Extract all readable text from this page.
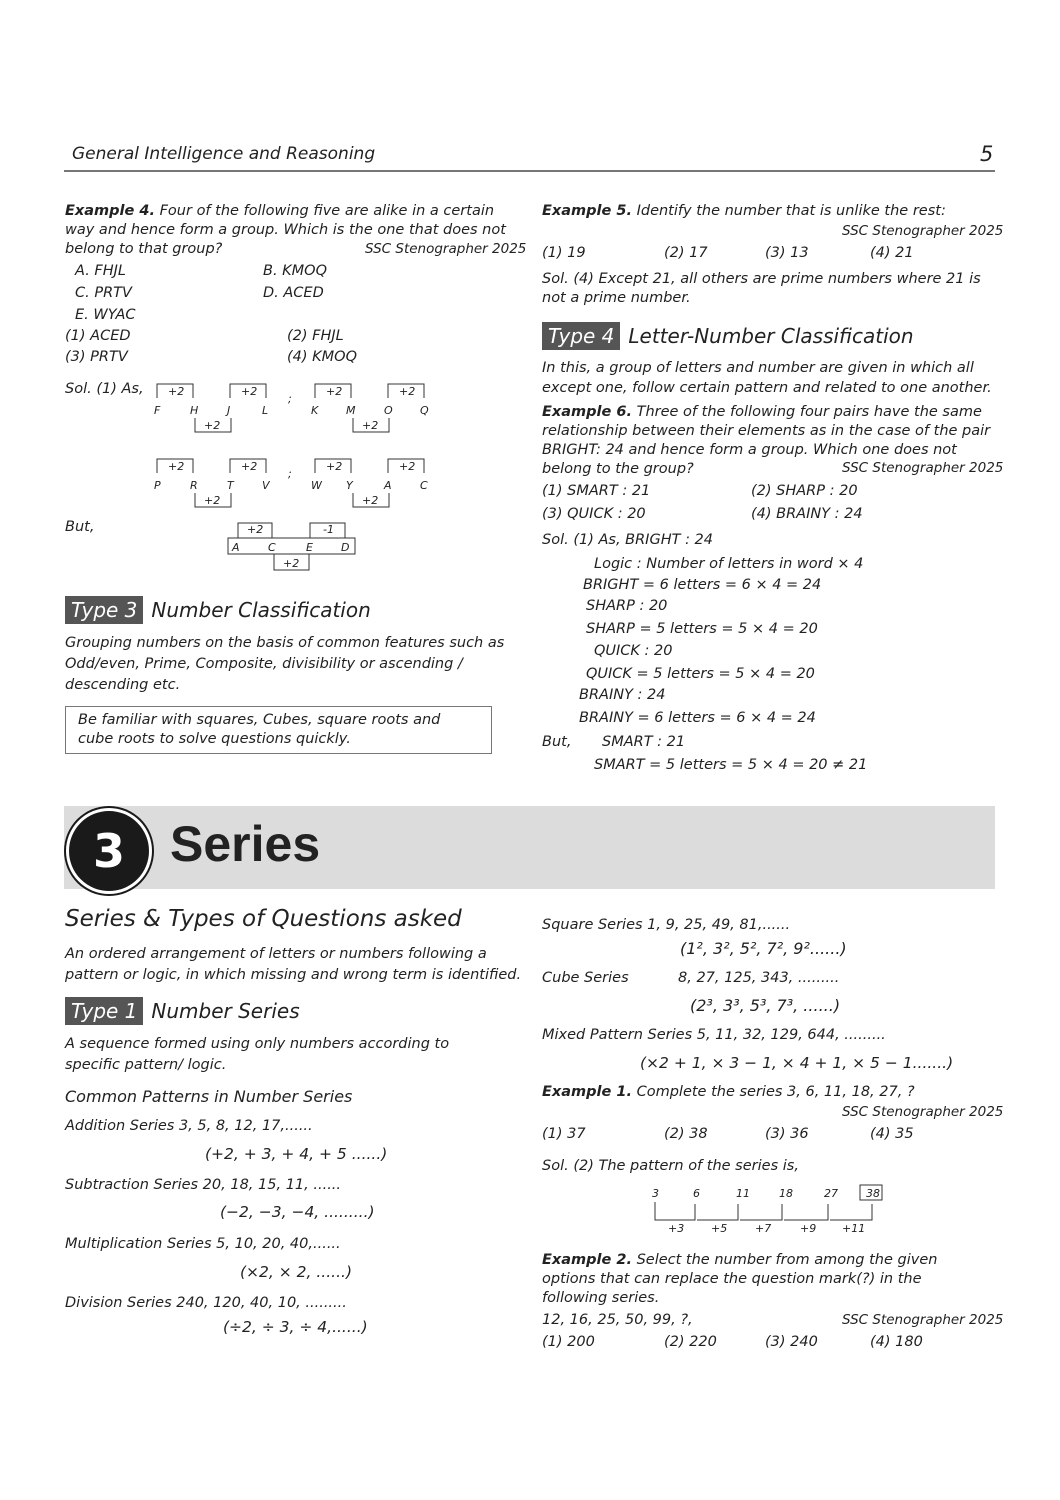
General Intelligence and Reasoning	5
Example 4. Four of the following five are alike in a certain way and hence form a group. Which is the one that does not belong to that group?	SSC Stenographer 2025
A. FHJL	B. KMOQ
C. PRTV	D. ACED
E. WYAC
(1) ACED	(2) FHJL
(3) PRTV	(4) KMOQ
Sol. (1) As, +2	+2
+2
F	H	J	L
;
+2	+2
+2
K	M	O Q
+2	+2
+2
P	R	T	V
;
+2	+2
+2
W Y	A	C
But,	+2	-1
+2
A	C	E	D
Type 3 Number Classification
Grouping numbers on the basis of common features such as Odd/even, Prime, Composite, divisibility or ascending / descending etc.
Be familiar with squares, Cubes, square roots and cube roots to solve questions quickly.
Example 5. Identify the number that is unlike the rest:
SSC Stenographer 2025
(1) 19	(2) 17	(3) 13	(4) 21
Sol. (4) Except 21, all others are prime numbers where 21 is not a prime number.
Type 4 Letter-Number Classification
In this, a group of letters and number are given in which all except one, follow certain pattern and related to one another.
Example 6. Three of the following four pairs have the same relationship between their elements as in the case of the pair BRIGHT: 24 and hence form a group. Which one does not belong to the group?	SSC Stenographer 2025
(1) SMART : 21	(2) SHARP : 20
(3) QUICK : 20	(4) BRAINY : 24
Sol. (1) As, BRIGHT : 24
Logic : Number of letters in word × 4
BRIGHT = 6 letters = 6 × 4 = 24
SHARP : 20
SHARP = 5 letters = 5 × 4 = 20
QUICK : 20
QUICK = 5 letters = 5 × 4 = 20
BRAINY : 24
BRAINY = 6 letters = 6 × 4 = 24
But, SMART : 21
SMART = 5 letters = 5 × 4 = 20 ≠ 21
3 Series
Series & Types of Questions asked
An ordered arrangement of letters or numbers following a pattern or logic, in which missing and wrong term is identified.
Type 1 Number Series
A sequence formed using only numbers according to specific pattern/ logic.
Common Patterns in Number Series
Addition Series 3, 5, 8, 12, 17,......
(+2, + 3, + 4, + 5 ......)
Subtraction Series 20, 18, 15, 11, ......
(−2, −3, −4, .........)
Multiplication Series 5, 10, 20, 40,......
(×2, × 2, ......)
Division Series 240, 120, 40, 10, .........
(÷2, ÷ 3, ÷ 4,......)
Square Series 1, 9, 25, 49, 81,......
(1², 3², 5², 7², 9²......)
Cube Series	8, 27, 125, 343, .........
(2³, 3³, 5³, 7³, ......)
Mixed Pattern Series 5, 11, 32, 129, 644, .........
(×2 + 1, × 3 − 1, × 4 + 1, × 5 − 1.......)
Example 1. Complete the series 3, 6, 11, 18, 27, ?
SSC Stenographer 2025
(1) 37	(2) 38	(3) 36	(4) 35
Sol. (2) The pattern of the series is,
3	6	11	18	27	38
+3 +5	+7	+9 +11
Example 2. Select the number from among the given options that can replace the question mark(?) in the following series.
12, 16, 25, 50, 99, ?,	SSC Stenographer 2025
(1) 200	(2) 220	(3) 240	(4) 180
